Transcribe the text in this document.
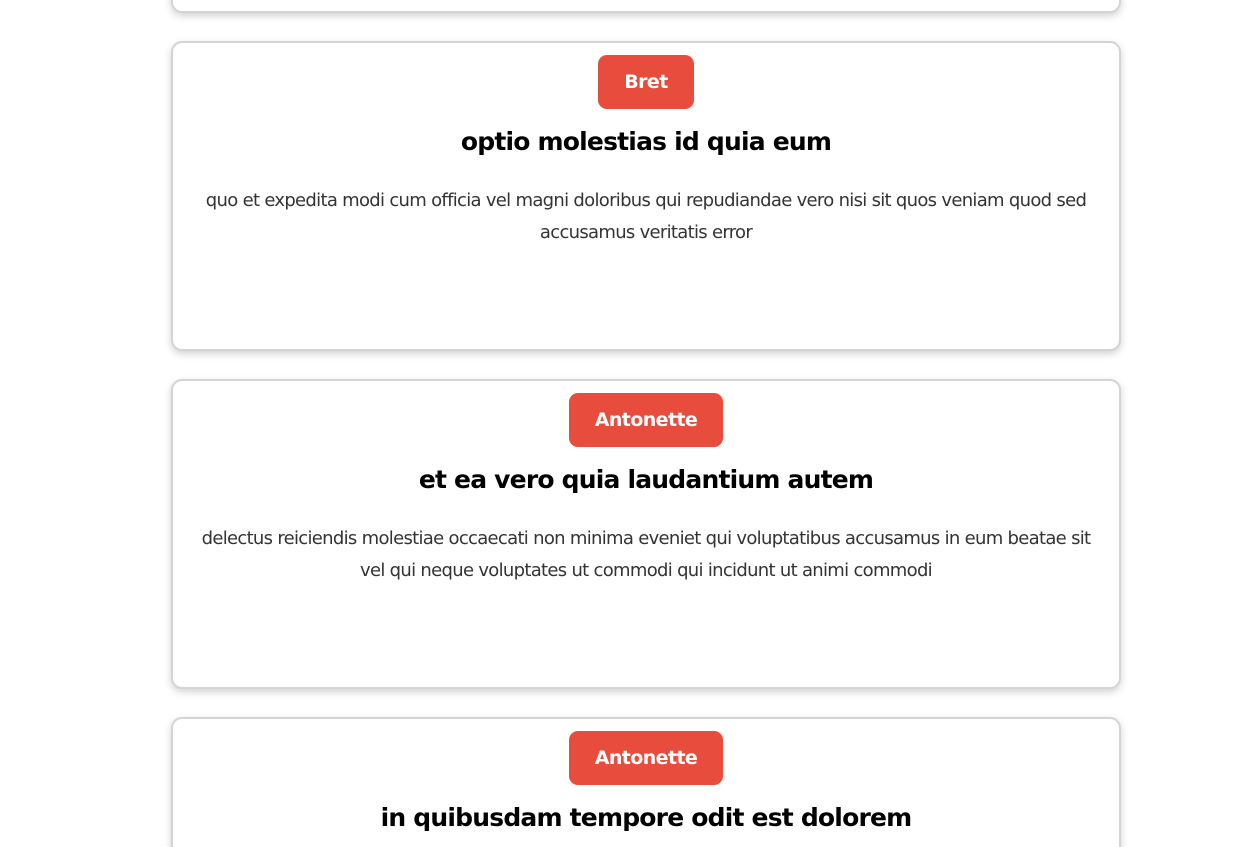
Bret
optio molestias id quia eum

quo et expedita modi cum officia vel magni doloribus qui repudiandae vero nisi sit quos veniam quod sed accusamus veritatis error

Antonette
et ea vero quia laudantium autem

delectus reiciendis molestiae occaecati non minima eveniet qui voluptatibus accusamus in eum beatae sit vel qui neque voluptates ut commodi qui incidunt ut animi commodi

Antonette
in quibusdam tempore odit est dolorem
